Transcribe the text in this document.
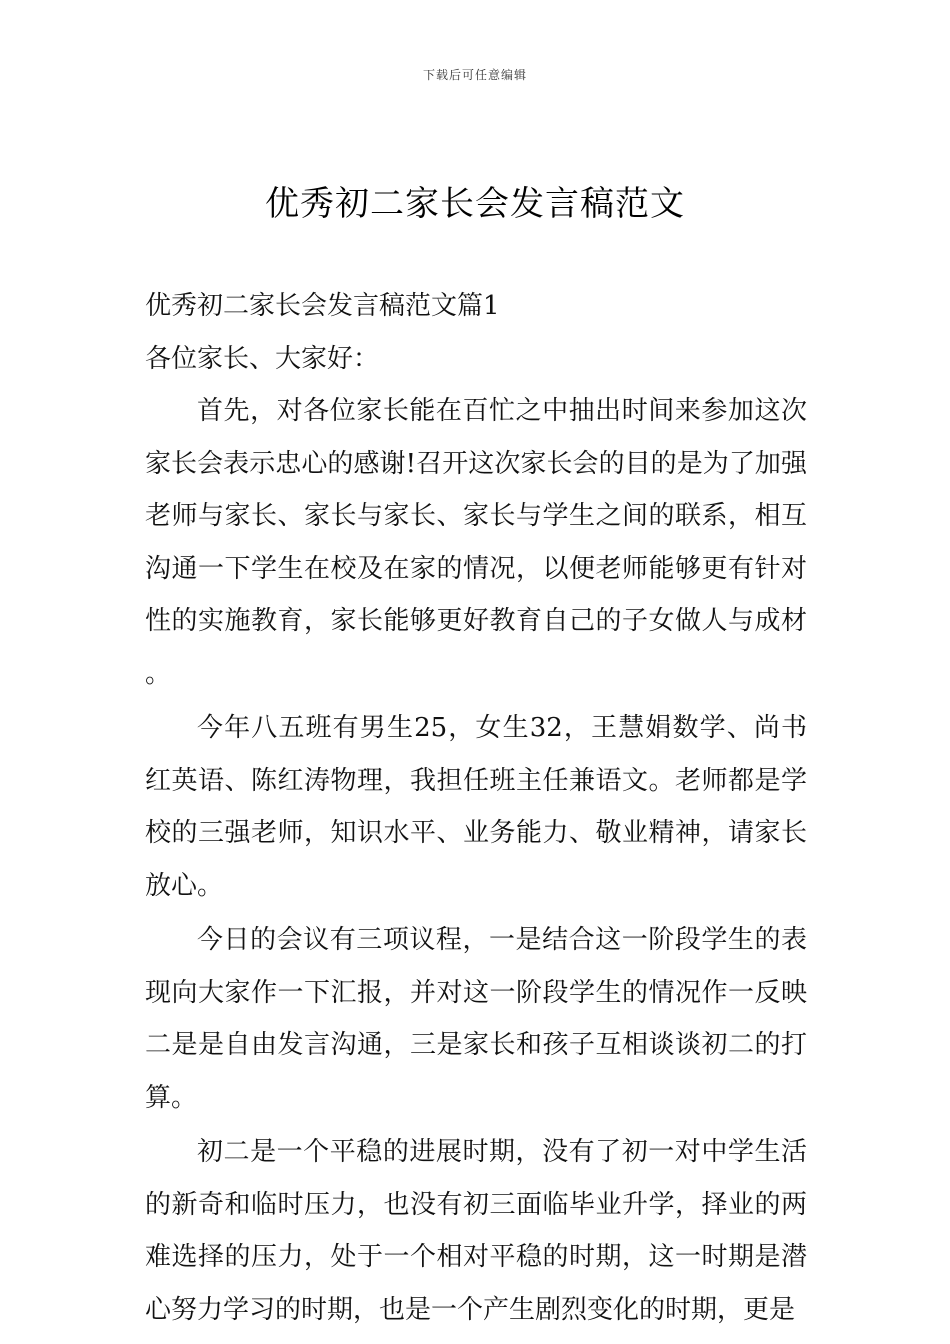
下载后可任意编辑
优秀初二家长会发言稿范文

优秀初二家长会发言稿范文篇1

各位家长、大家好：

首先，对各位家长能在百忙之中抽出时间来参加这次家长会表示忠心的感谢!召开这次家长会的目的是为了加强老师与家长、家长与家长、家长与学生之间的联系，相互沟通一下学生在校及在家的情况，以便老师能够更有针对性的实施教育，家长能够更好教育自己的子女做人与成材。

今年八五班有男生25，女生32，王慧娟数学、尚书红英语、陈红涛物理，我担任班主任兼语文。老师都是学校的三强老师，知识水平、业务能力、敬业精神，请家长放心。

今日的会议有三项议程，一是结合这一阶段学生的表现向大家作一下汇报，并对这一阶段学生的情况作一反映二是是自由发言沟通，三是家长和孩子互相谈谈初二的打算。

初二是一个平稳的进展时期，没有了初一对中学生活的新奇和临时压力，也没有初三面临毕业升学，择业的两难选择的压力，处于一个相对平稳的时期，这一时期是潜心努力学习的时期，也是一个产生剧烈变化的时期，更是
